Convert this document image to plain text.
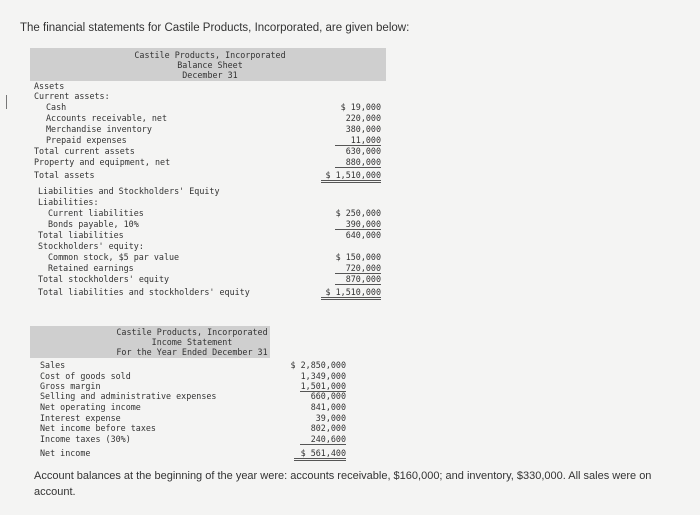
The financial statements for Castile Products, Incorporated, are given below:
Castile Products, Incorporated
Balance Sheet
December 31
Assets
Current assets:
Cash	$ 19,000
Accounts receivable, net	220,000
Merchandise inventory	380,000
Prepaid expenses	11,000
Total current assets	630,000
Property and equipment, net	880,000
Total assets	$ 1,510,000
Liabilities and Stockholders' Equity
Liabilities:
Current liabilities	$ 250,000
Bonds payable, 10%	390,000
Total liabilities	640,000
Stockholders' equity:
Common stock, $5 par value	$ 150,000
Retained earnings	720,000
Total stockholders' equity	870,000
Total liabilities and stockholders' equity	$ 1,510,000
Castile Products, Incorporated
Income Statement
For the Year Ended December 31
Sales	$ 2,850,000
Cost of goods sold	1,349,000
Gross margin	1,501,000
Selling and administrative expenses	660,000
Net operating income	841,000
Interest expense	39,000
Net income before taxes	802,000
Income taxes (30%)	240,600
Net income	$ 561,400
Account balances at the beginning of the year were: accounts receivable, $160,000; and inventory, $330,000. All sales were on account.
